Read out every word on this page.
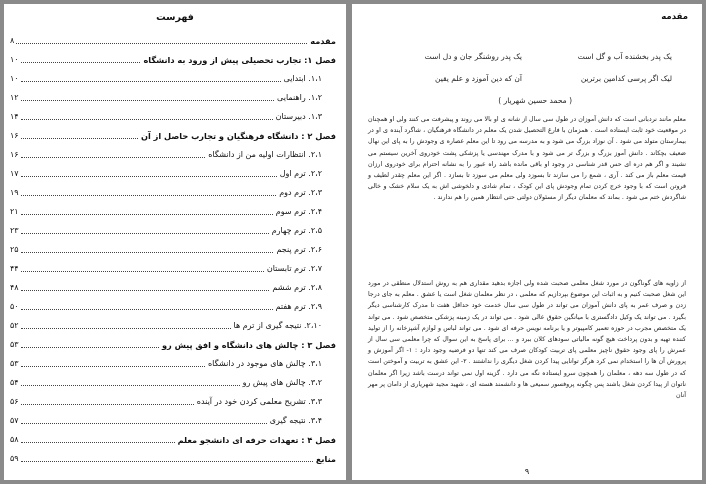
فهرست
مقدمه
۸
فصل ۱: تجارب تحصیلی پیش از ورود به دانشگاه
۱۰
۱،۱. ابتدایی
۱۰
۱،۲. راهنمایی
۱۲
۱،۳. دبیرستان
۱۴
فصل ۲ : دانشگاه فرهنگیان و تجارب حاصل از آن
۱۶
۲،۱. انتظارات اولیه من از دانشگاه
۱۶
۲،۲. ترم اول
۱۷
۲،۳. ترم دوم
۱۹
۲،۴. ترم سوم
۲۱
۲،۵. ترم چهارم
۲۳
۲،۶. ترم پنجم
۲۵
۲،۷. ترم تابستان
۴۴
۲،۸. ترم ششم
۴۸
۲،۹. ترم هفتم
۵۰
۲،۱۰. نتیجه گیری از ترم ها
۵۲
فصل ۳ : چالش های دانشگاه و افق پیش رو
۵۳
۳،۱. چالش های موجود در دانشگاه
۵۳
۳،۲. چالش های پیش رو
۵۴
۳،۳. تشریح معلمی کردن خود در آینده
۵۶
۳،۴. نتیجه گیری
۵۷
فصل ۴ : تعهدات حرفه ای دانشجو معلم
۵۸
منابع
۵۹
مقدمه
یک پدر بخشنده آب و گل است
یک پدر روشنگر جان و دل است
لیک اگر پرسی کدامین برترین
آن که دین آموزد و علم یقین
( محمد حسین شهریار )
معلم مانند نردبانی است که دانش آموزان در طول سی سال از شانه ی او بالا می روند و پیشرفت می کنند ولی او همچنان در موقعیت خود ثابت ایستاده است . همزمان با فارغ التحصیل شدن یک معلم در دانشگاه فرهنگیان ، شاگرد آینده ی او در بیمارستان متولد می شود . آن نوزاد بزرگ می شود و به مدرسه می رود تا این معلم عصاره ی وجودش را به پای این نهال ضعیف بچکاند . دانش آموز بزرگ و بزرگ تر می شود و با مدرک مهندسی یا پزشکی پشت خودروی آخرین سیستم می نشیند و اگر هم دره ای حس قدر شناسی در وجود او باقی مانده باشد راه عبور را به نشانه احترام برای خودروی ارزان قیمت معلم باز می کند . آری ، شمع را می سازند تا بسوزد ولی معلم می سوزد تا بسازد . اگر این معلم چقدر لطیف و فروتن است که با وجود خرج کردن تمام وجودش پای این کودک ، تمام شادی و دلخوشی اش به یک سلام خشک و خالی شاگردش ختم می شود . بماند که معلمان دیگر از مسئولان دولتی حتی انتظار همین را هم ندارند .
از زاویه های گوناگون در مورد شغل معلمی صحبت شده ولی اجازه بدهید مقداری هم به روش استدلال منطقی در مورد این شغل صحبت کنیم و به اثبات این موضوع بپردازیم که معلمی ، در نظر معلمان شغل است یا عشق . معلم به جای درجا زدن و صرف عمر به پای دانش آموزان می تواند در طول سی سال خدمت خود حداقل هفت تا مدرک کارشناسی دیگر بگیرد . می تواند یک وکیل دادگستری با میانگین حقوق عالی شود . می تواند در یک زمینه پزشکی متخصص شود . می تواند یک متخصص مجرب در حوزه تعمیر کامپیوتر و یا برنامه نویس حرفه ای شود . می تواند لباس و لوازم آشپزخانه را از تولید کننده تهیه و بدون پرداخت هیچ گونه مالیاتی سودهای کلان ببرد و ... برای پاسخ به این سوال که چرا معلمی سی سال از عمرش را پای وجود حقوق ناچیز معلمی پای تربیت کودکان صرف می کند تنها دو فرضیه وجود دارد : ۱- اگر آموزش و پرورش آن ها را استخدام نمی کرد هرگز توانایی پیدا کردن شغل دیگری را نداشتند . ۲- این عشق به تربیت و آموختن است که در طول سه دهه ، معلمان را همچون سرو ایستاده نگه می دارد . گزینه اول نمی تواند درست باشد زیرا اگر معلمان ناتوان از پیدا کردن شغل باشند پس چگونه پروفسور سمیعی ها و دانشمند هسته ای ، شهید مجید شهریاری از دامان پر مهر آنان
۹
